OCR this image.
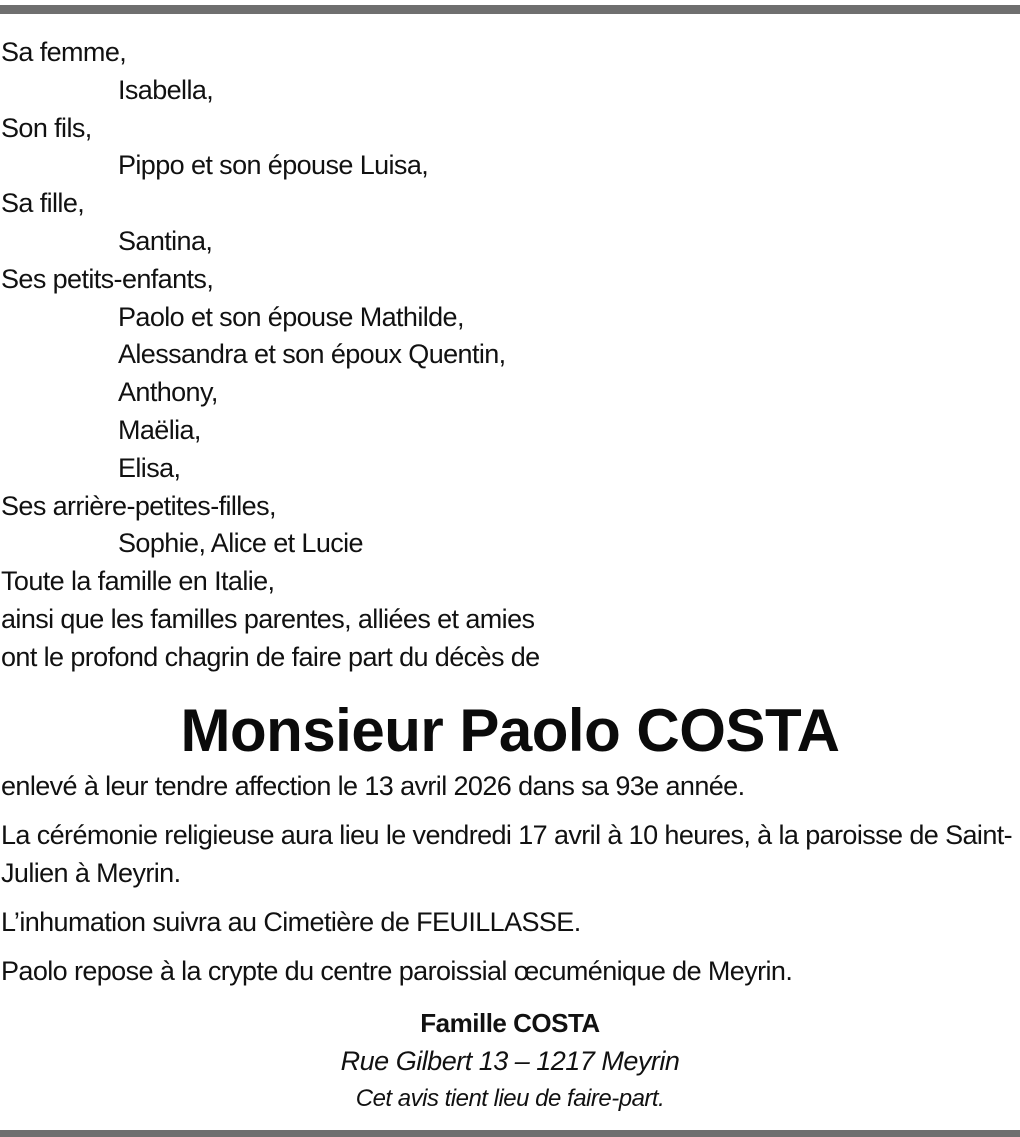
Sa femme,
Isabella,
Son fils,
Pippo et son épouse Luisa,
Sa fille,
Santina,
Ses petits-enfants,
Paolo et son épouse Mathilde,
Alessandra et son époux Quentin,
Anthony,
Maëlia,
Elisa,
Ses arrière-petites-filles,
Sophie, Alice et Lucie
Toute la famille en Italie,
ainsi que les familles parentes, alliées et amies
ont le profond chagrin de faire part du décès de
Monsieur Paolo COSTA

enlevé à leur tendre affection le 13 avril 2026 dans sa 93e année.

La cérémonie religieuse aura lieu le vendredi 17 avril à 10 heures, à la paroisse de Saint-Julien à Meyrin.

L’inhumation suivra au Cimetière de FEUILLASSE.

Paolo repose à la crypte du centre paroissial œcuménique de Meyrin.

Famille COSTA
Rue Gilbert 13 – 1217 Meyrin
Cet avis tient lieu de faire-part.
